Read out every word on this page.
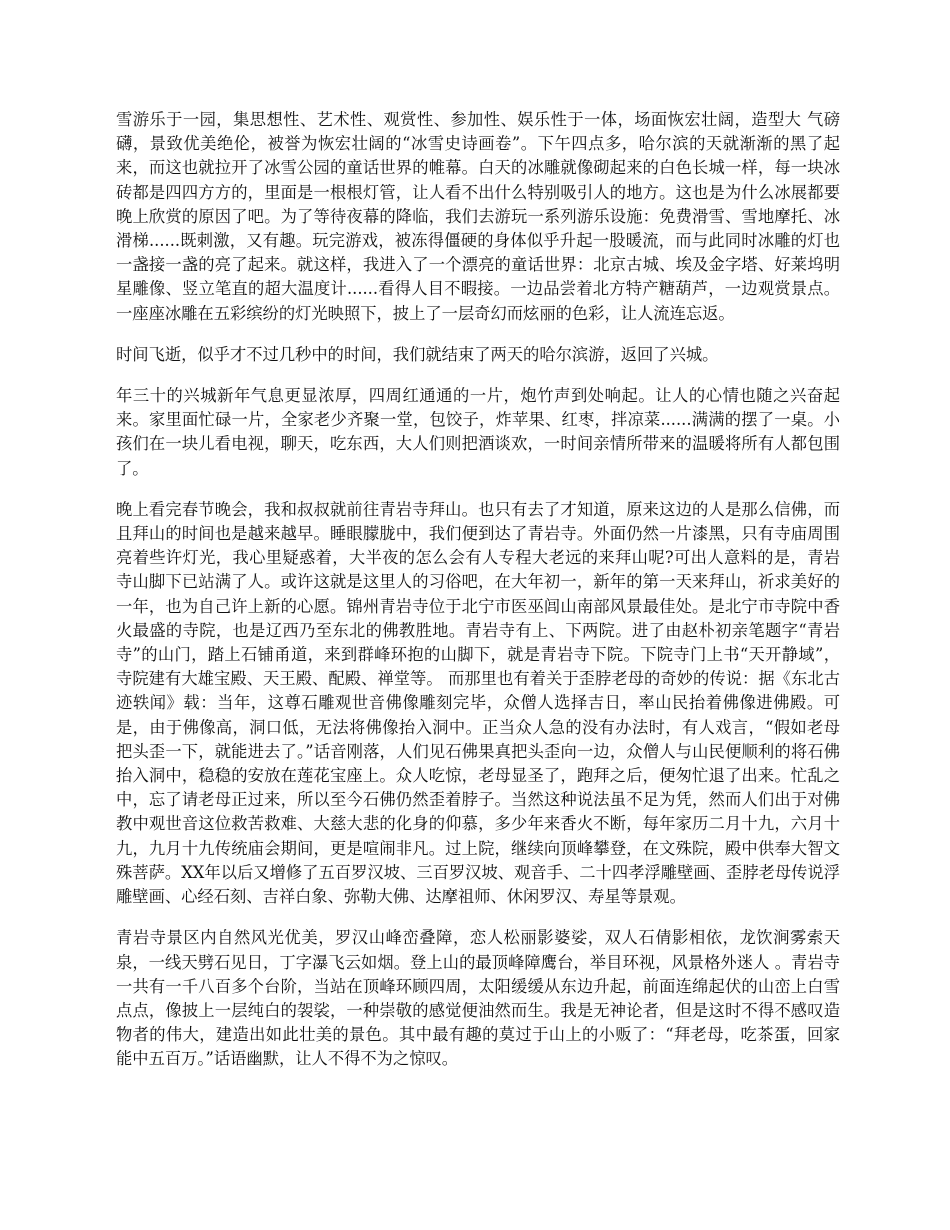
雪游乐于一园，集思想性、艺术性、观赏性、参加性、娱乐性于一体，场面恢宏壮阔，造型大 气磅礴，景致优美绝伦，被誉为恢宏壮阔的“冰雪史诗画卷”。下午四点多，哈尔滨的天就渐渐的黑了起来，而这也就拉开了冰雪公园的童话世界的帷幕。白天的冰雕就像砌起来的白色长城一样，每一块冰砖都是四四方方的，里面是一根根灯管，让人看不出什么特别吸引人的地方。这也是为什么冰展都要晚上欣赏的原因了吧。为了等待夜幕的降临，我们去游玩一系列游乐设施：免费滑雪、雪地摩托、冰滑梯......既刺激，又有趣。玩完游戏，被冻得僵硬的身体似乎升起一股暖流，而与此同时冰雕的灯也一盏接一盏的亮了起来。就这样，我进入了一个漂亮的童话世界：北京古城、埃及金字塔、好莱坞明星雕像、竖立笔直的超大温度计......看得人目不暇接。一边品尝着北方特产糖葫芦，一边观赏景点。一座座冰雕在五彩缤纷的灯光映照下，披上了一层奇幻而炫丽的色彩，让人流连忘返。

时间飞逝，似乎才不过几秒中的时间，我们就结束了两天的哈尔滨游，返回了兴城。

年三十的兴城新年气息更显浓厚，四周红通通的一片，炮竹声到处响起。让人的心情也随之兴奋起来。家里面忙碌一片，全家老少齐聚一堂，包饺子，炸苹果、红枣，拌凉菜......满满的摆了一桌。小孩们在一块儿看电视，聊天，吃东西，大人们则把酒谈欢，一时间亲情所带来的温暖将所有人都包围了。

晚上看完春节晚会，我和叔叔就前往青岩寺拜山。也只有去了才知道，原来这边的人是那么信佛，而且拜山的时间也是越来越早。睡眼朦胧中，我们便到达了青岩寺。外面仍然一片漆黑，只有寺庙周围亮着些许灯光，我心里疑惑着，大半夜的怎么会有人专程大老远的来拜山呢?可出人意料的是，青岩寺山脚下已站满了人。或许这就是这里人的习俗吧，在大年初一，新年的第一天来拜山，祈求美好的一年，也为自己许上新的心愿。锦州青岩寺位于北宁市医巫闾山南部风景最佳处。是北宁市寺院中香火最盛的寺院，也是辽西乃至东北的佛教胜地。青岩寺有上、下两院。进了由赵朴初亲笔题字“青岩寺”的山门，踏上石铺甬道，来到群峰环抱的山脚下，就是青岩寺下院。下院寺门上书“天开静域”，寺院建有大雄宝殿、天王殿、配殿、禅堂等。 而那里也有着关于歪脖老母的奇妙的传说：据《东北古迹轶闻》载：当年，这尊石雕观世音佛像雕刻完毕，众僧人选择吉日，率山民抬着佛像进佛殿。可是，由于佛像高，洞口低，无法将佛像抬入洞中。正当众人急的没有办法时，有人戏言，“假如老母把头歪一下，就能进去了。”话音刚落，人们见石佛果真把头歪向一边，众僧人与山民便顺利的将石佛抬入洞中，稳稳的安放在莲花宝座上。众人吃惊，老母显圣了，跑拜之后，便匆忙退了出来。忙乱之中，忘了请老母正过来，所以至今石佛仍然歪着脖子。当然这种说法虽不足为凭，然而人们出于对佛教中观世音这位救苦救难、大慈大悲的化身的仰慕，多少年来香火不断，每年家历二月十九，六月十九，九月十九传统庙会期间，更是喧闹非凡。过上院，继续向顶峰攀登，在文殊院，殿中供奉大智文殊菩萨。XX年以后又增修了五百罗汉坡、三百罗汉坡、观音手、二十四孝浮雕壁画、歪脖老母传说浮雕壁画、心经石刻、吉祥白象、弥勒大佛、达摩祖师、休闲罗汉、寿星等景观。

青岩寺景区内自然风光优美，罗汉山峰峦叠障，恋人松丽影婆娑，双人石倩影相依，龙饮涧雾索天泉，一线天劈石见日，丁字瀑飞云如烟。登上山的最顶峰障鹰台，举目环视，风景格外迷人 。青岩寺一共有一千八百多个台阶，当站在顶峰环顾四周，太阳缓缓从东边升起，前面连绵起伏的山峦上白雪点点，像披上一层纯白的袈裟，一种崇敬的感觉便油然而生。我是无神论者，但是这时不得不感叹造物者的伟大，建造出如此壮美的景色。其中最有趣的莫过于山上的小贩了：“拜老母，吃茶蛋，回家能中五百万。”话语幽默，让人不得不为之惊叹。
